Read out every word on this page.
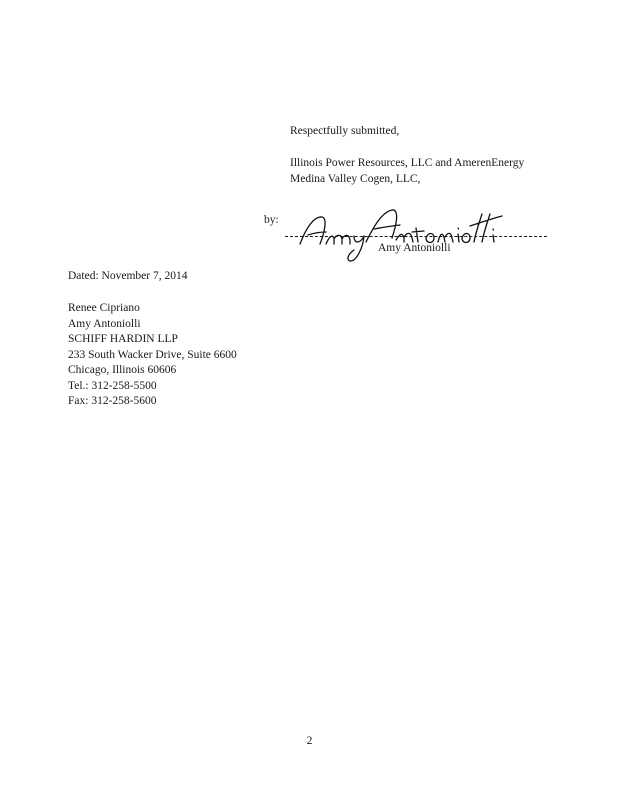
Respectfully submitted,
Illinois Power Resources, LLC and AmerenEnergy
Medina Valley Cogen, LLC,
by:
Amy Antoniolli
Dated: November 7, 2014
Renee Cipriano
Amy Antoniolli
SCHIFF HARDIN LLP
233 South Wacker Drive, Suite 6600
Chicago, Illinois 60606
Tel.: 312-258-5500
Fax: 312-258-5600
2
